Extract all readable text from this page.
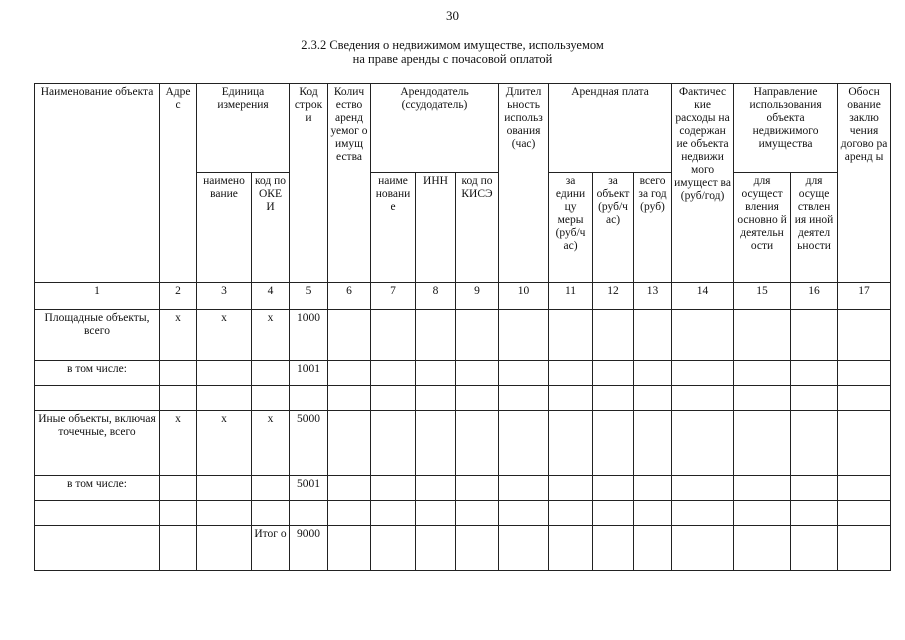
30
2.3.2 Сведения о недвижимом имуществе, используемом
на праве аренды с почасовой оплатой
Наименование объекта	Адре с	Единица измерения		Код строк и	Колич ество аренд уемог о имущ ества	Арендодатель (ссудодатель)			Длител ьность использ ования (час)	Арендная плата			Фактичес кие расходы на содержан ие объекта недвижи мого имущест ва (руб/год)	Направление использования объекта недвижимого имущества		Обосн ование заклю чения догово ра аренд ы
		наимено вание	код по ОКЕ И			наиме новани е	ИНН	код по КИСЭ		за едини цу меры (руб/ч ас)	за объект (руб/ч ас)	всего за год (руб)		для осущест вления основно й деятельн ости	для осуще ствлен ия иной деятел ьности	
1	2	3	4	5	6	7	8	9	10	11	12	13	14	15	16	17
Площадные объекты, всего	x	x	x	1000												
в том числе:				1001												

Иные объекты, включая точечные, всего	x	x	x	5000												
в том числе:				5001												

			Итог о	9000												
